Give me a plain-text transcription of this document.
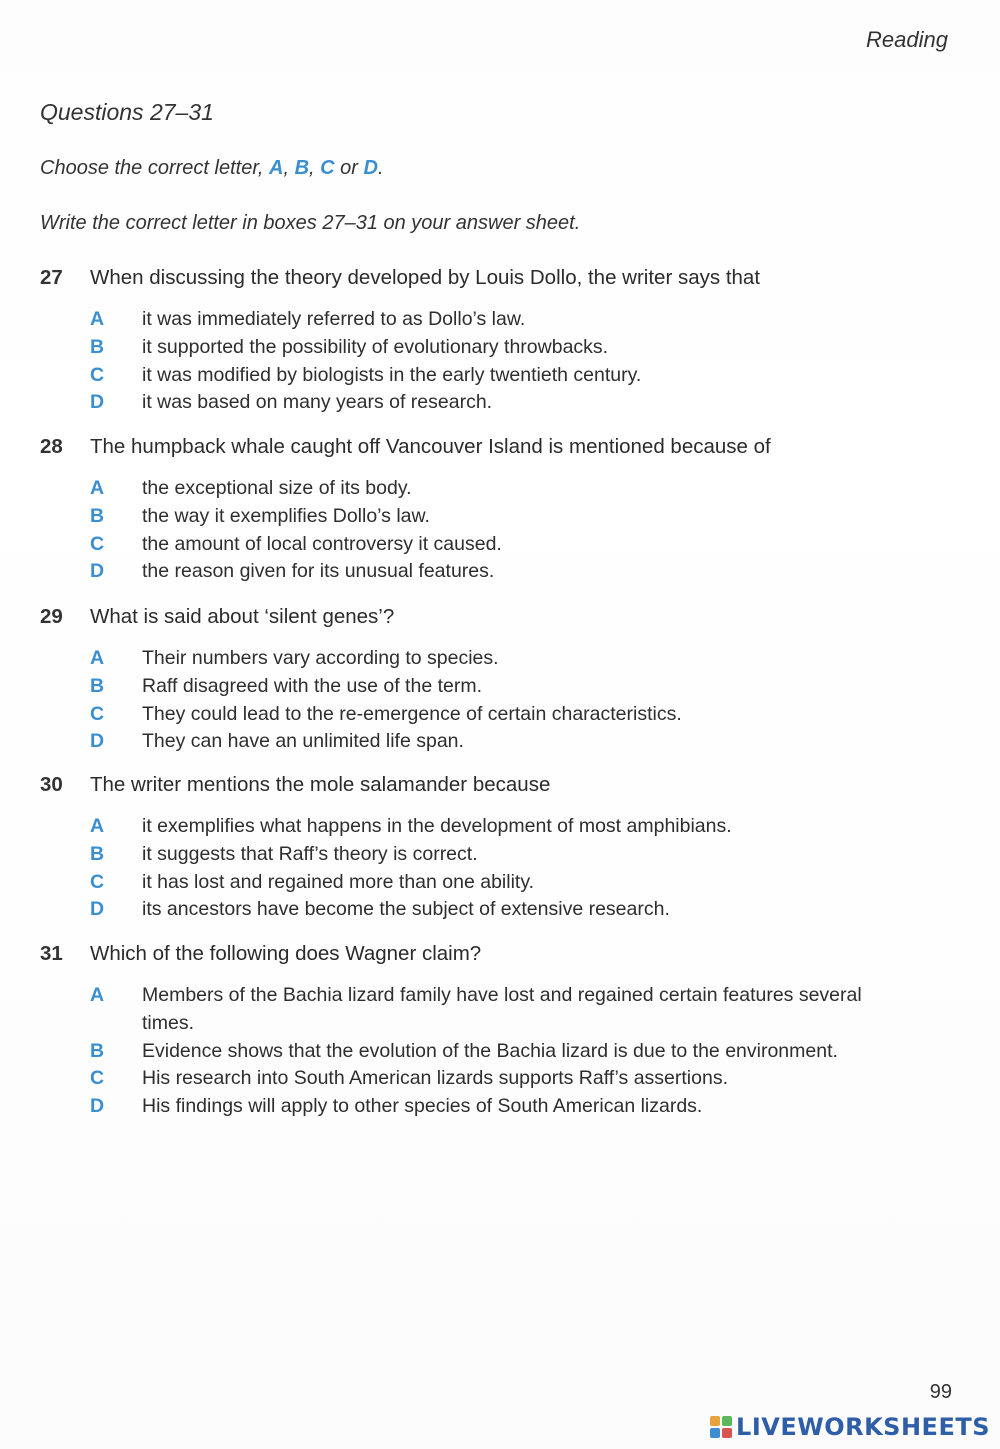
Reading
Questions 27–31
Choose the correct letter, A, B, C or D.
Write the correct letter in boxes 27–31 on your answer sheet.
27	When discussing the theory developed by Louis Dollo, the writer says that
A	it was immediately referred to as Dollo’s law.
B	it supported the possibility of evolutionary throwbacks.
C	it was modified by biologists in the early twentieth century.
D	it was based on many years of research.
28	The humpback whale caught off Vancouver Island is mentioned because of
A	the exceptional size of its body.
B	the way it exemplifies Dollo’s law.
C	the amount of local controversy it caused.
D	the reason given for its unusual features.
29	What is said about ‘silent genes’?
A	Their numbers vary according to species.
B	Raff disagreed with the use of the term.
C	They could lead to the re-emergence of certain characteristics.
D	They can have an unlimited life span.
30	The writer mentions the mole salamander because
A	it exemplifies what happens in the development of most amphibians.
B	it suggests that Raff’s theory is correct.
C	it has lost and regained more than one ability.
D	its ancestors have become the subject of extensive research.
31	Which of the following does Wagner claim?
A	Members of the Bachia lizard family have lost and regained certain features several times.
B	Evidence shows that the evolution of the Bachia lizard is due to the environment.
C	His research into South American lizards supports Raff’s assertions.
D	His findings will apply to other species of South American lizards.
99
LIVEWORKSHEETS
